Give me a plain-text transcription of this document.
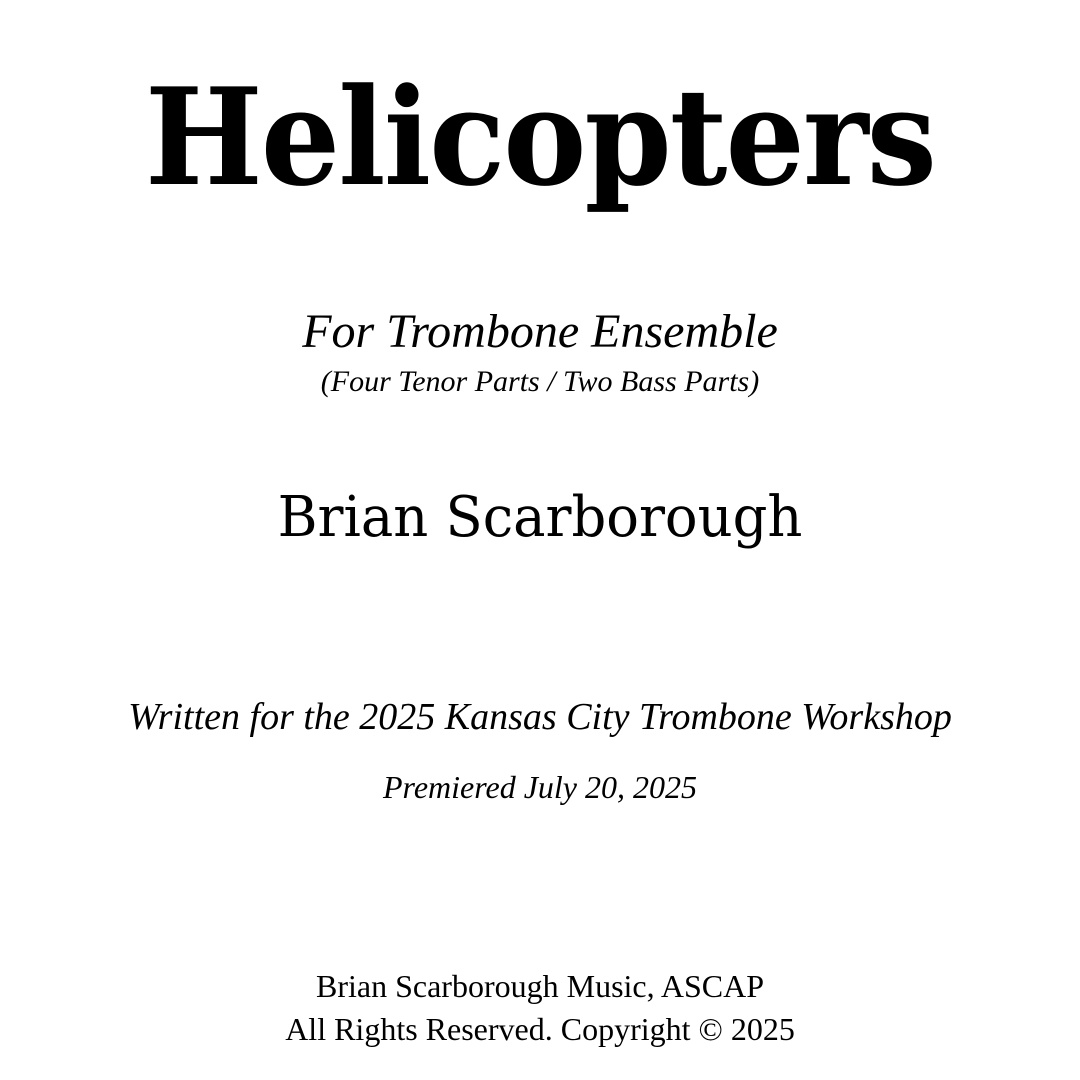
Helicopters
For Trombone Ensemble
(Four Tenor Parts / Two Bass Parts)
Brian Scarborough
Written for the 2025 Kansas City Trombone Workshop
Premiered July 20, 2025
Brian Scarborough Music, ASCAP
All Rights Reserved. Copyright © 2025
